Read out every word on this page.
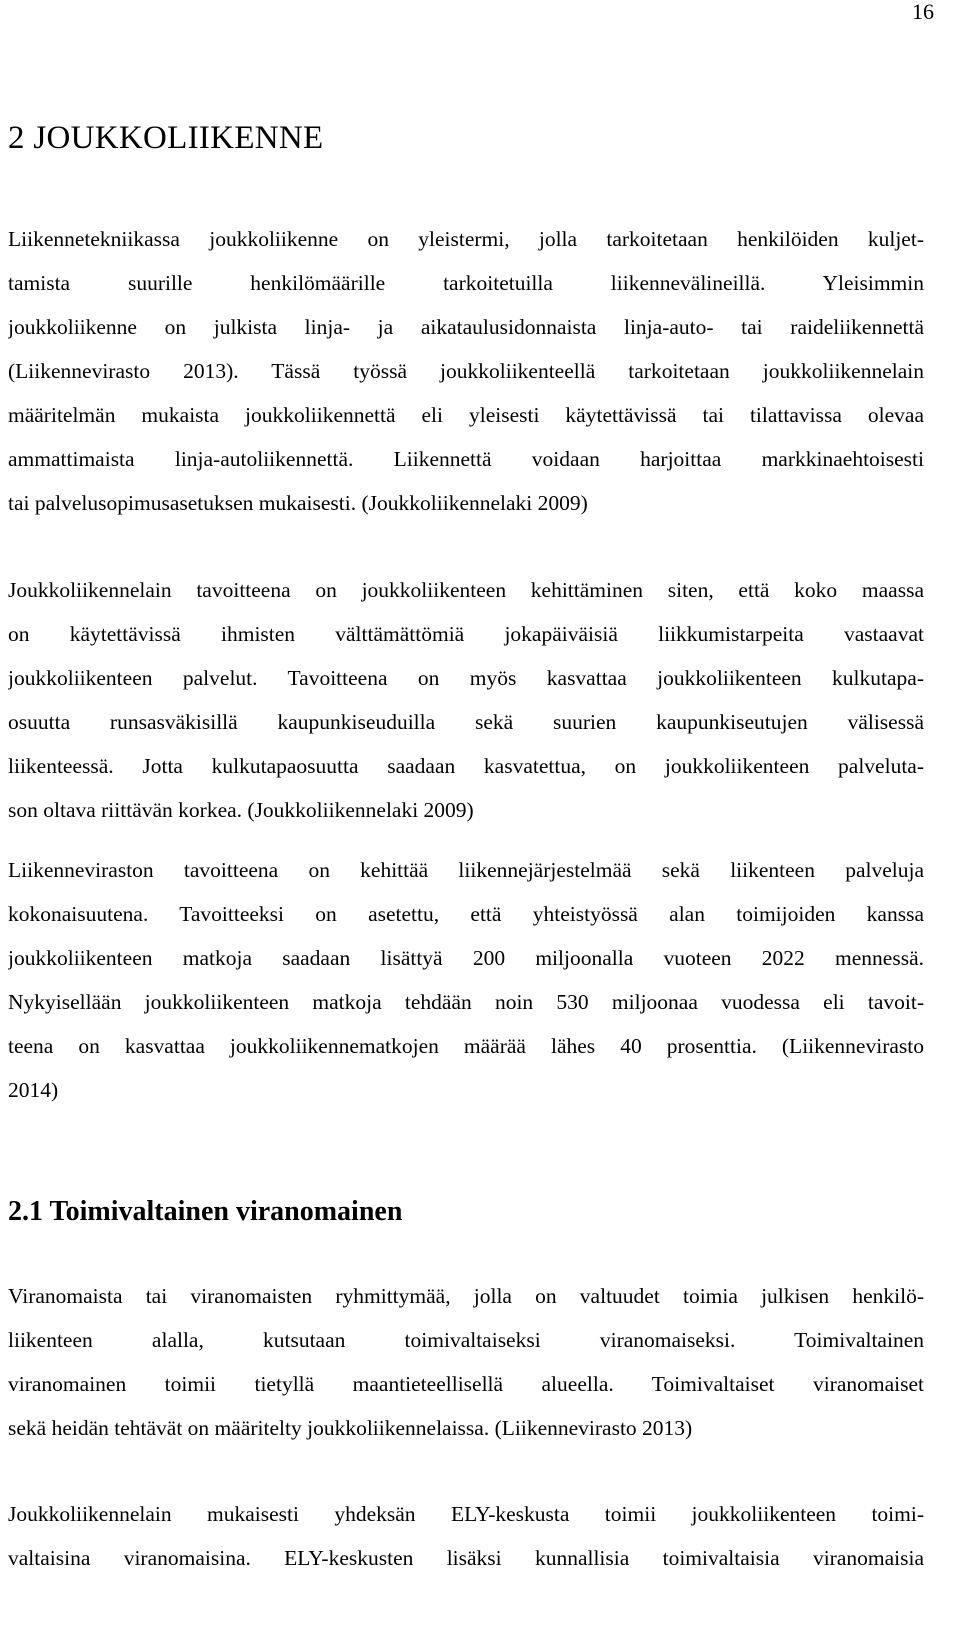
16
2 JOUKKOLIIKENNE
Liikennetekniikassa joukkoliikenne on yleistermi, jolla tarkoitetaan henkilöiden kuljet-
tamista suurille henkilömäärille tarkoitetuilla liikennevälineillä. Yleisimmin
joukkoliikenne on julkista linja- ja aikataulusidonnaista linja-auto- tai raideliikennettä
(Liikennevirasto 2013). Tässä työssä joukkoliikenteellä tarkoitetaan joukkoliikennelain
määritelmän mukaista joukkoliikennettä eli yleisesti käytettävissä tai tilattavissa olevaa
ammattimaista linja-autoliikennettä. Liikennettä voidaan harjoittaa markkinaehtoisesti
tai palvelusopimusasetuksen mukaisesti. (Joukkoliikennelaki 2009)
Joukkoliikennelain tavoitteena on joukkoliikenteen kehittäminen siten, että koko maassa
on käytettävissä ihmisten välttämättömiä jokapäiväisiä liikkumistarpeita vastaavat
joukkoliikenteen palvelut. Tavoitteena on myös kasvattaa joukkoliikenteen kulkutapa-
osuutta runsasväkisillä kaupunkiseuduilla sekä suurien kaupunkiseutujen välisessä
liikenteessä. Jotta kulkutapaosuutta saadaan kasvatettua, on joukkoliikenteen palveluta-
son oltava riittävän korkea. (Joukkoliikennelaki 2009)
Liikenneviraston tavoitteena on kehittää liikennejärjestelmää sekä liikenteen palveluja
kokonaisuutena. Tavoitteeksi on asetettu, että yhteistyössä alan toimijoiden kanssa
joukkoliikenteen matkoja saadaan lisättyä 200 miljoonalla vuoteen 2022 mennessä.
Nykyisellään joukkoliikenteen matkoja tehdään noin 530 miljoonaa vuodessa eli tavoit-
teena on kasvattaa joukkoliikennematkojen määrää lähes 40 prosenttia. (Liikennevirasto
2014)
2.1 Toimivaltainen viranomainen
Viranomaista tai viranomaisten ryhmittymää, jolla on valtuudet toimia julkisen henkilö-
liikenteen alalla, kutsutaan toimivaltaiseksi viranomaiseksi. Toimivaltainen
viranomainen toimii tietyllä maantieteellisellä alueella. Toimivaltaiset viranomaiset
sekä heidän tehtävät on määritelty joukkoliikennelaissa. (Liikennevirasto 2013)
Joukkoliikennelain mukaisesti yhdeksän ELY-keskusta toimii joukkoliikenteen toimi-
valtaisina viranomaisina. ELY-keskusten lisäksi kunnallisia toimivaltaisia viranomaisia
